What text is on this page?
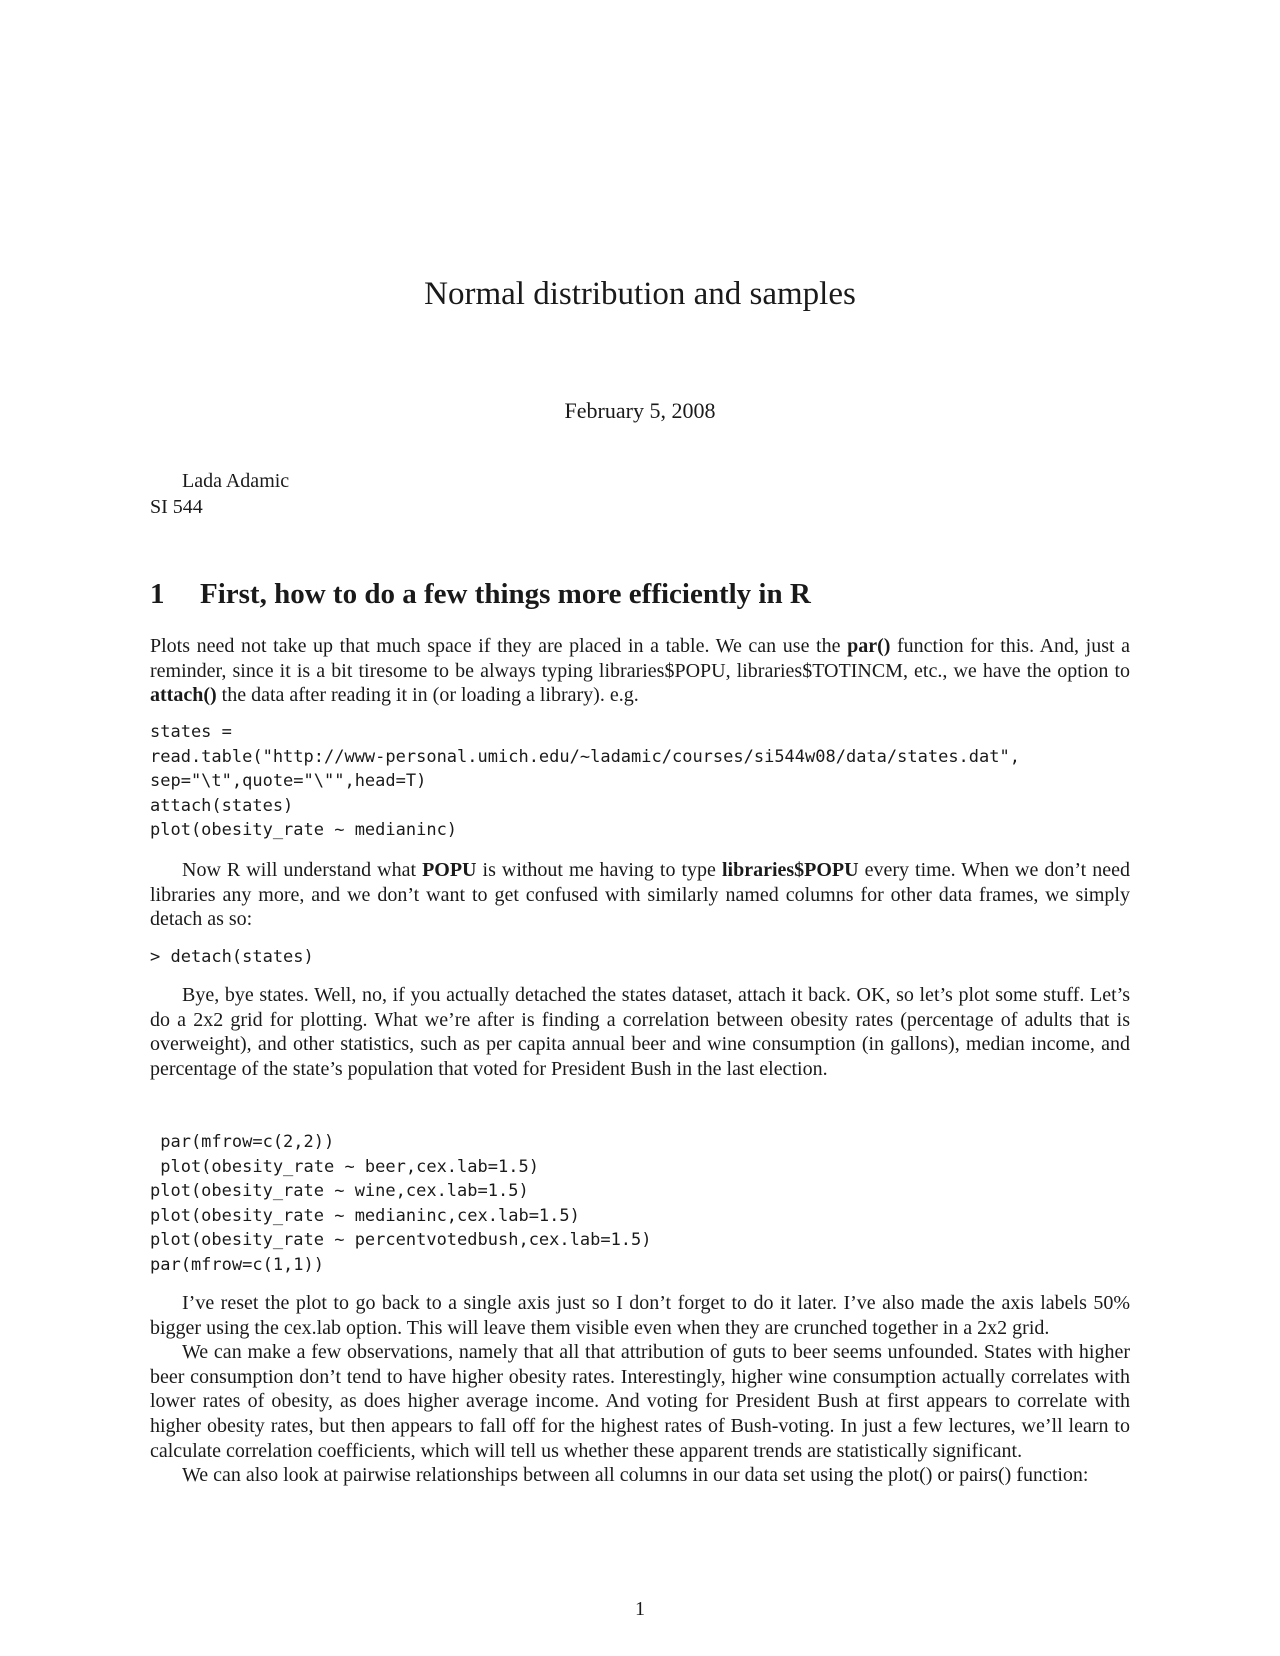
Normal distribution and samples
February 5, 2008
Lada Adamic
SI 544
1 First, how to do a few things more efficiently in R

Plots need not take up that much space if they are placed in a table. We can use the par() function for this. And, just a reminder, since it is a bit tiresome to be always typing libraries$POPU, libraries$TOTINCM, etc., we have the option to attach() the data after reading it in (or loading a library). e.g.

states =

read.table("http://www-personal.umich.edu/~ladamic/courses/si544w08/data/states.dat",

sep="\t",quote="\"",head=T)

attach(states)

plot(obesity_rate ~ medianinc)

Now R will understand what POPU is without me having to type libraries$POPU every time. When we don’t need libraries any more, and we don’t want to get confused with similarly named columns for other data frames, we simply detach as so:

> detach(states)

Bye, bye states. Well, no, if you actually detached the states dataset, attach it back. OK, so let’s plot some stuff. Let’s do a 2x2 grid for plotting. What we’re after is finding a correlation between obesity rates (percentage of adults that is overweight), and other statistics, such as per capita annual beer and wine consumption (in gallons), median income, and percentage of the state’s population that voted for President Bush in the last election.

par(mfrow=c(2,2))

plot(obesity_rate ~ beer,cex.lab=1.5)

plot(obesity_rate ~ wine,cex.lab=1.5)

plot(obesity_rate ~ medianinc,cex.lab=1.5)

plot(obesity_rate ~ percentvotedbush,cex.lab=1.5)

par(mfrow=c(1,1))

I’ve reset the plot to go back to a single axis just so I don’t forget to do it later. I’ve also made the axis labels 50% bigger using the cex.lab option. This will leave them visible even when they are crunched together in a 2x2 grid.

We can make a few observations, namely that all that attribution of guts to beer seems unfounded. States with higher beer consumption don’t tend to have higher obesity rates. Interestingly, higher wine consumption actually correlates with lower rates of obesity, as does higher average income. And voting for President Bush at first appears to correlate with higher obesity rates, but then appears to fall off for the highest rates of Bush-voting. In just a few lectures, we’ll learn to calculate correlation coefficients, which will tell us whether these apparent trends are statistically significant.

We can also look at pairwise relationships between all columns in our data set using the plot() or pairs() function:

1
